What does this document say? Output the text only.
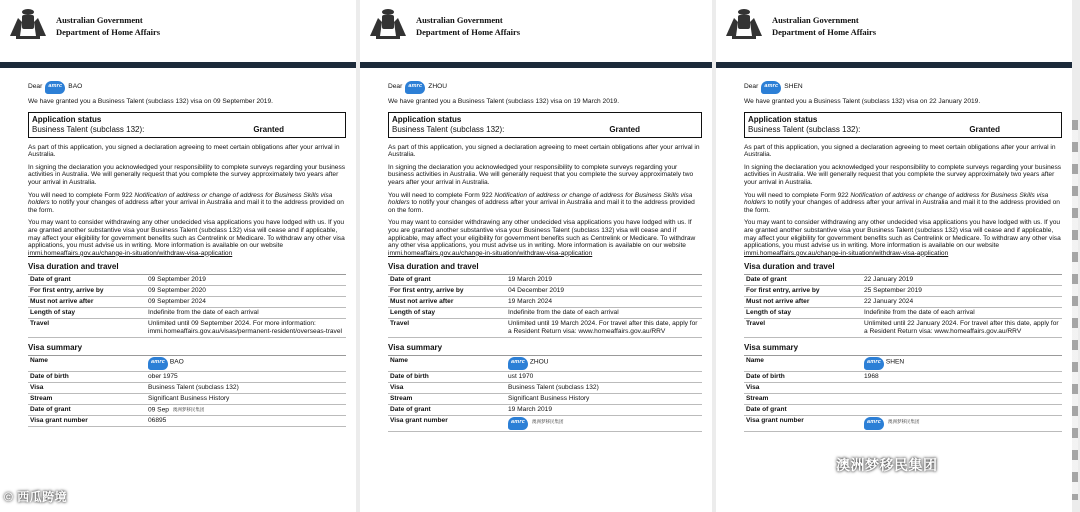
Australian Government
Department of Home Affairs
Dear	amrc BAO
We have granted you a Business Talent (subclass 132) visa on 09 September 2019.
Application status
Business Talent (subclass 132):	Granted

As part of this application, you signed a declaration agreeing to meet certain obligations after your arrival in Australia.

In signing the declaration you acknowledged your responsibility to complete surveys regarding your business activities in Australia. We will generally request that you complete the survey approximately two years after your arrival in Australia.

You will need to complete Form 922 Notification of address or change of address for Business Skills visa holders to notify your changes of address after your arrival in Australia and mail it to the address provided on the form.

You may want to consider withdrawing any other undecided visa applications you have lodged with us. If you are granted another substantive visa your Business Talent (subclass 132) visa will cease and if applicable, may affect your eligibility for government benefits such as Centrelink or Medicare. To withdraw any other visa applications, you must advise us in writing. More information is available on our website immi.homeaffairs.gov.au/change-in-situation/withdraw-visa-application

Visa duration and travel
Date of grant	09 September 2019
For first entry, arrive by	09 September 2020
Must not arrive after	09 September 2024
Length of stay	Indefinite from the date of each arrival
Travel	Unlimited until 09 September 2024. For more information: immi.homeaffairs.gov.au/visas/permanent-resident/overseas-travel
Visa summary
Name	amrc BAO
Date of birth	ober 1975
Visa	Business Talent (subclass 132)
Stream	Significant Business History
Date of grant	09 Sep 澳洲梦移民集团
Visa grant number	06895
© 西瓜跨境
Australian Government
Department of Home Affairs
Dear	amrc ZHOU
We have granted you a Business Talent (subclass 132) visa on 19 March 2019.
Application status
Business Talent (subclass 132):	Granted

As part of this application, you signed a declaration agreeing to meet certain obligations after your arrival in Australia.

In signing the declaration you acknowledged your responsibility to complete surveys regarding your business activities in Australia. We will generally request that you complete the survey approximately two years after your arrival in Australia.

You will need to complete Form 922 Notification of address or change of address for Business Skills visa holders to notify your changes of address after your arrival in Australia and mail it to the address provided on the form.

You may want to consider withdrawing any other undecided visa applications you have lodged with us. If you are granted another substantive visa your Business Talent (subclass 132) visa will cease and if applicable, may affect your eligibility for government benefits such as Centrelink or Medicare. To withdraw any other visa applications, you must advise us in writing. More information is available on our website immi.homeaffairs.gov.au/change-in-situation/withdraw-visa-application

Visa duration and travel
Date of grant	19 March 2019
For first entry, arrive by	04 December 2019
Must not arrive after	19 March 2024
Length of stay	Indefinite from the date of each arrival
Travel	Unlimited until 19 March 2024. For travel after this date, apply for a Resident Return visa: www.homeaffairs.gov.au/RRV
Visa summary
Name	amrc ZHOU
Date of birth	ust 1970
Visa	Business Talent (subclass 132)
Stream	Significant Business History
Date of grant	19 March 2019
Visa grant number	amrc 澳洲梦移民集团
Australian Government
Department of Home Affairs
Dear	amrc SHEN
We have granted you a Business Talent (subclass 132) visa on 22 January 2019.
Application status
Business Talent (subclass 132):	Granted

As part of this application, you signed a declaration agreeing to meet certain obligations after your arrival in Australia.

In signing the declaration you acknowledged your responsibility to complete surveys regarding your business activities in Australia. We will generally request that you complete the survey approximately two years after your arrival in Australia.

You will need to complete Form 922 Notification of address or change of address for Business Skills visa holders to notify your changes of address after your arrival in Australia and mail it to the address provided on the form.

You may want to consider withdrawing any other undecided visa applications you have lodged with us. If you are granted another substantive visa your Business Talent (subclass 132) visa will cease and if applicable, may affect your eligibility for government benefits such as Centrelink or Medicare. To withdraw any other visa applications, you must advise us in writing. More information is available on our website immi.homeaffairs.gov.au/change-in-situation/withdraw-visa-application

Visa duration and travel
Date of grant	22 January 2019
For first entry, arrive by	25 September 2019
Must not arrive after	22 January 2024
Length of stay	Indefinite from the date of each arrival
Travel	Unlimited until 22 January 2024. For travel after this date, apply for a Resident Return visa: www.homeaffairs.gov.au/RRV
Visa summary
Name	amrc SHEN
Date of birth	1968
Visa
Stream
Date of grant
Visa grant number	amrc 澳洲梦移民集团
澳洲梦移民集团
